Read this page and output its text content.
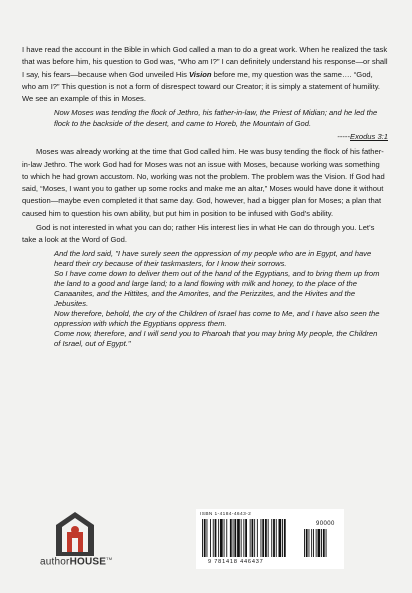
I have read the account in the Bible in which God called a man to do a great work. When he realized the task that was before him, his question to God was, “Who am I?” I can definitely understand his response—or shall I say, his fears—because when God unveiled His Vision before me, my question was the same…. “God, who am I?” This question is not a form of disrespect toward our Creator; it is simply a statement of humility. We see an example of this in Moses.

Now Moses was tending the flock of Jethro, his father-in-law, the Priest of Midian; and he led the flock to the backside of the desert, and came to Horeb, the Mountain of God.

-----Exodus 3:1

Moses was already working at the time that God called him. He was busy tending the flock of his father-in-law Jethro. The work God had for Moses was not an issue with Moses, because working was something to which he had grown accustom. No, working was not the problem. The problem was the Vision. If God had said, “Moses, I want you to gather up some rocks and make me an altar,” Moses would have done it without question—maybe even completed it that same day. God, however, had a bigger plan for Moses; a plan that caused him to question his own ability, but put him in position to be infused with God’s ability.

God is not interested in what you can do; rather His interest lies in what He can do through you. Let’s take a look at the Word of God.

And the lord said, "I have surely seen the oppression of my people who are in Egypt, and have heard their cry because of their taskmasters, for I know their sorrows.

So I have come down to deliver them out of the hand of the Egyptians, and to bring them up from the land to a good and large land; to a land flowing with milk and honey, to the place of the Canaanites, and the Hittites, and the Amorites, and the Perizzites, and the Hivites and the Jebusites.

Now therefore, behold, the cry of the Children of Israel has come to Me, and I have also seen the oppression with which the Egyptians oppress them.

Come now, therefore, and I will send you to Pharoah that you may bring My people, the Children of Israel, out of Egypt."

authorHOUSE™
ISBN 1-4184-4643-2
90000
9 781418 446437
